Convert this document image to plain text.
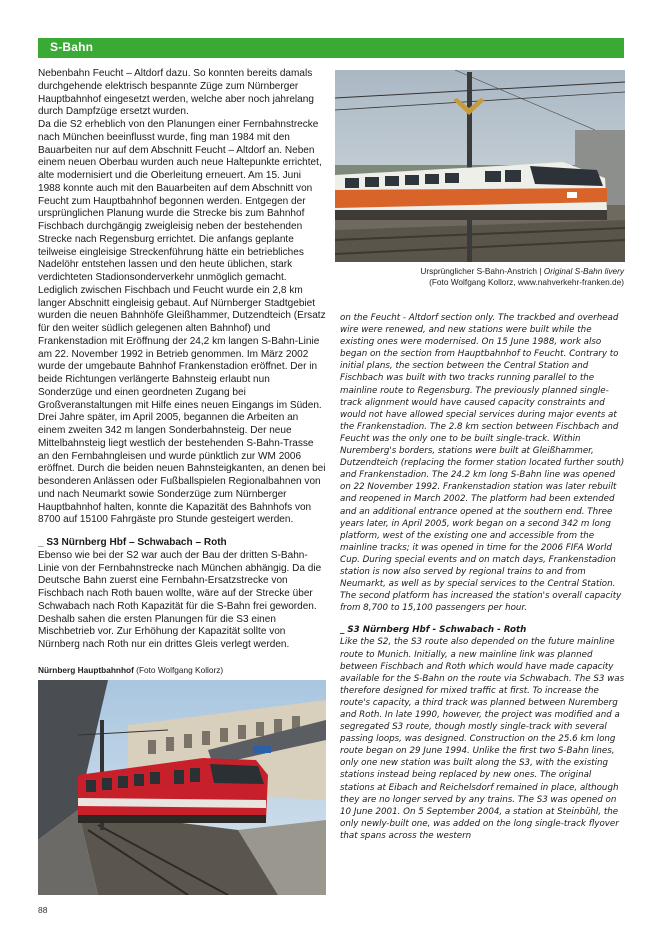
S-Bahn

Nebenbahn Feucht – Altdorf dazu. So konnten bereits damals durchgehende elektrisch bespannte Züge zum Nürnberger Hauptbahnhof eingesetzt werden, welche aber noch jahrelang durch Dampfzüge ersetzt wurden.

Da die S2 erheblich von den Planungen einer Fernbahnstrecke nach München beeinflusst wurde, fing man 1984 mit den Bauarbeiten nur auf dem Abschnitt Feucht – Altdorf an. Neben einem neuen Oberbau wurden auch neue Haltepunkte errichtet, alte modernisiert und die Oberleitung erneuert. Am 15. Juni 1988 konnte auch mit den Bauarbeiten auf dem Abschnitt von Feucht zum Hauptbahnhof begonnen werden. Entgegen der ursprünglichen Planung wurde die Strecke bis zum Bahnhof Fischbach durchgängig zweigleisig neben der bestehenden Strecke nach Regensburg errichtet. Die anfangs geplante teilweise eingleisige Streckenführung hätte ein betriebliches Nadelöhr entstehen lassen und den heute üblichen, stark verdichteten Stadionsonderverkehr unmöglich gemacht. Lediglich zwischen Fischbach und Feucht wurde ein 2,8 km langer Abschnitt eingleisig gebaut. Auf Nürnberger Stadtgebiet wurden die neuen Bahnhöfe Gleißhammer, Dutzendteich (Ersatz für den weiter südlich gelegenen alten Bahnhof) und Frankenstadion mit Eröffnung der 24,2 km langen S-Bahn-Linie am 22. November 1992 in Betrieb genommen. Im März 2002 wurde der umgebaute Bahnhof Frankenstadion eröffnet. Der in beide Richtungen verlängerte Bahnsteig erlaubt nun Sonderzüge und einen geordneten Zugang bei Großveranstaltungen mit Hilfe eines neuen Eingangs im Süden. Drei Jahre später, im April 2005, begannen die Arbeiten an einem zweiten 342 m langen Sonderbahnsteig. Der neue Mittelbahnsteig liegt westlich der bestehenden S-Bahn-Trasse an den Fernbahngleisen und wurde pünktlich zur WM 2006 eröffnet. Durch die beiden neuen Bahnsteigkanten, an denen bei besonderen Anlässen oder Fußballspielen Regionalbahnen von und nach Neumarkt sowie Sonderzüge zum Nürnberger Hauptbahnhof halten, konnte die Kapazität des Bahnhofs von 8700 auf 15100 Fahrgäste pro Stunde gesteigert werden.

_ S3 Nürnberg Hbf – Schwabach – Roth

Ebenso wie bei der S2 war auch der Bau der dritten S-Bahn-Linie von der Fernbahnstrecke nach München abhängig. Da die Deutsche Bahn zuerst eine Fernbahn-Ersatzstrecke von Fischbach nach Roth bauen wollte, wäre auf der Strecke über Schwabach nach Roth Kapazität für die S-Bahn frei geworden. Deshalb sahen die ersten Planungen für die S3 einen Mischbetrieb vor. Zur Erhöhung der Kapazität sollte von Nürnberg nach Roth nur ein drittes Gleis verlegt werden.

Ursprünglicher S-Bahn-Anstrich | Original S-Bahn livery
(Foto Wolfgang Kollorz, www.nahverkehr-franken.de)

on the Feucht - Altdorf section only. The trackbed and overhead wire were renewed, and new stations were built while the existing ones were modernised. On 15 June 1988, work also began on the section from Hauptbahnhof to Feucht. Contrary to initial plans, the section between the Central Station and Fischbach was built with two tracks running parallel to the mainline route to Regensburg. The previously planned single-track alignment would have caused capacity constraints and would not have allowed special services during major events at the Frankenstadion. The 2.8 km section between Fischbach and Feucht was the only one to be built single-track. Within Nuremberg's borders, stations were built at Gleißhammer, Dutzendteich (replacing the former station located further south) and Frankenstadion. The 24.2 km long S-Bahn line was opened on 22 November 1992. Frankenstadion station was later rebuilt and reopened in March 2002. The platform had been extended and an additional entrance opened at the southern end. Three years later, in April 2005, work began on a second 342 m long platform, west of the existing one and accessible from the mainline tracks; it was opened in time for the 2006 FIFA World Cup. During special events and on match days, Frankenstadion station is now also served by regional trains to and from Neumarkt, as well as by special services to the Central Station. The second platform has increased the station's overall capacity from 8,700 to 15,100 passengers per hour.

_ S3 Nürnberg Hbf - Schwabach - Roth

Like the S2, the S3 route also depended on the future mainline route to Munich. Initially, a new mainline link was planned between Fischbach and Roth which would have made capacity available for the S-Bahn on the route via Schwabach. The S3 was therefore designed for mixed traffic at first. To increase the route's capacity, a third track was planned between Nuremberg and Roth. In late 1990, however, the project was modified and a segregated S3 route, though mostly single-track with several passing loops, was designed. Construction on the 25.6 km long route began on 29 June 1994. Unlike the first two S-Bahn lines, only one new station was built along the S3, with the existing stations instead being replaced by new ones. The original stations at Eibach and Reichelsdorf remained in place, although they are no longer served by any trains. The S3 was opened on 10 June 2001. On 5 September 2004, a station at Steinbühl, the only newly-built one, was added on the long single-track flyover that spans across the western

Nürnberg Hauptbahnhof (Foto Wolfgang Kollorz)
88
